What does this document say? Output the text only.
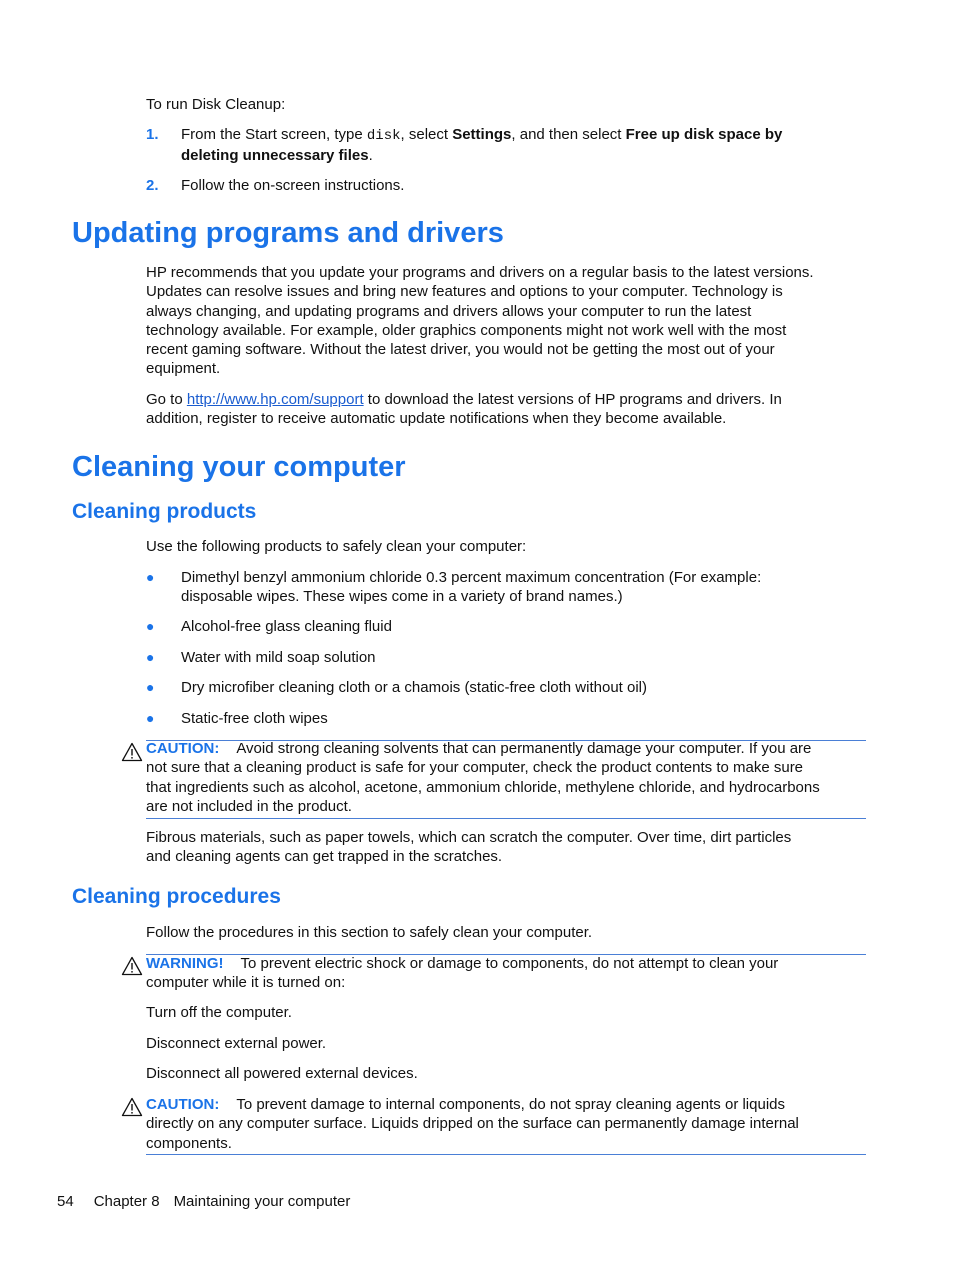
To run Disk Cleanup:
1. From the Start screen, type disk, select Settings, and then select Free up disk space by
deleting unnecessary files.
2. Follow the on-screen instructions.
Updating programs and drivers
HP recommends that you update your programs and drivers on a regular basis to the latest versions.
Updates can resolve issues and bring new features and options to your computer. Technology is
always changing, and updating programs and drivers allows your computer to run the latest
technology available. For example, older graphics components might not work well with the most
recent gaming software. Without the latest driver, you would not be getting the most out of your
equipment.
Go to http://www.hp.com/support to download the latest versions of HP programs and drivers. In
addition, register to receive automatic update notifications when they become available.
Cleaning your computer
Cleaning products
Use the following products to safely clean your computer:
● Dimethyl benzyl ammonium chloride 0.3 percent maximum concentration (For example:
disposable wipes. These wipes come in a variety of brand names.)
● Alcohol-free glass cleaning fluid
● Water with mild soap solution
● Dry microfiber cleaning cloth or a chamois (static-free cloth without oil)
● Static-free cloth wipes
CAUTION: Avoid strong cleaning solvents that can permanently damage your computer. If you are
not sure that a cleaning product is safe for your computer, check the product contents to make sure
that ingredients such as alcohol, acetone, ammonium chloride, methylene chloride, and hydrocarbons
are not included in the product.
Fibrous materials, such as paper towels, which can scratch the computer. Over time, dirt particles
and cleaning agents can get trapped in the scratches.
Cleaning procedures
Follow the procedures in this section to safely clean your computer.
WARNING! To prevent electric shock or damage to components, do not attempt to clean your
computer while it is turned on:
Turn off the computer.
Disconnect external power.
Disconnect all powered external devices.
CAUTION: To prevent damage to internal components, do not spray cleaning agents or liquids
directly on any computer surface. Liquids dripped on the surface can permanently damage internal
components.
54 Chapter 8 Maintaining your computer
